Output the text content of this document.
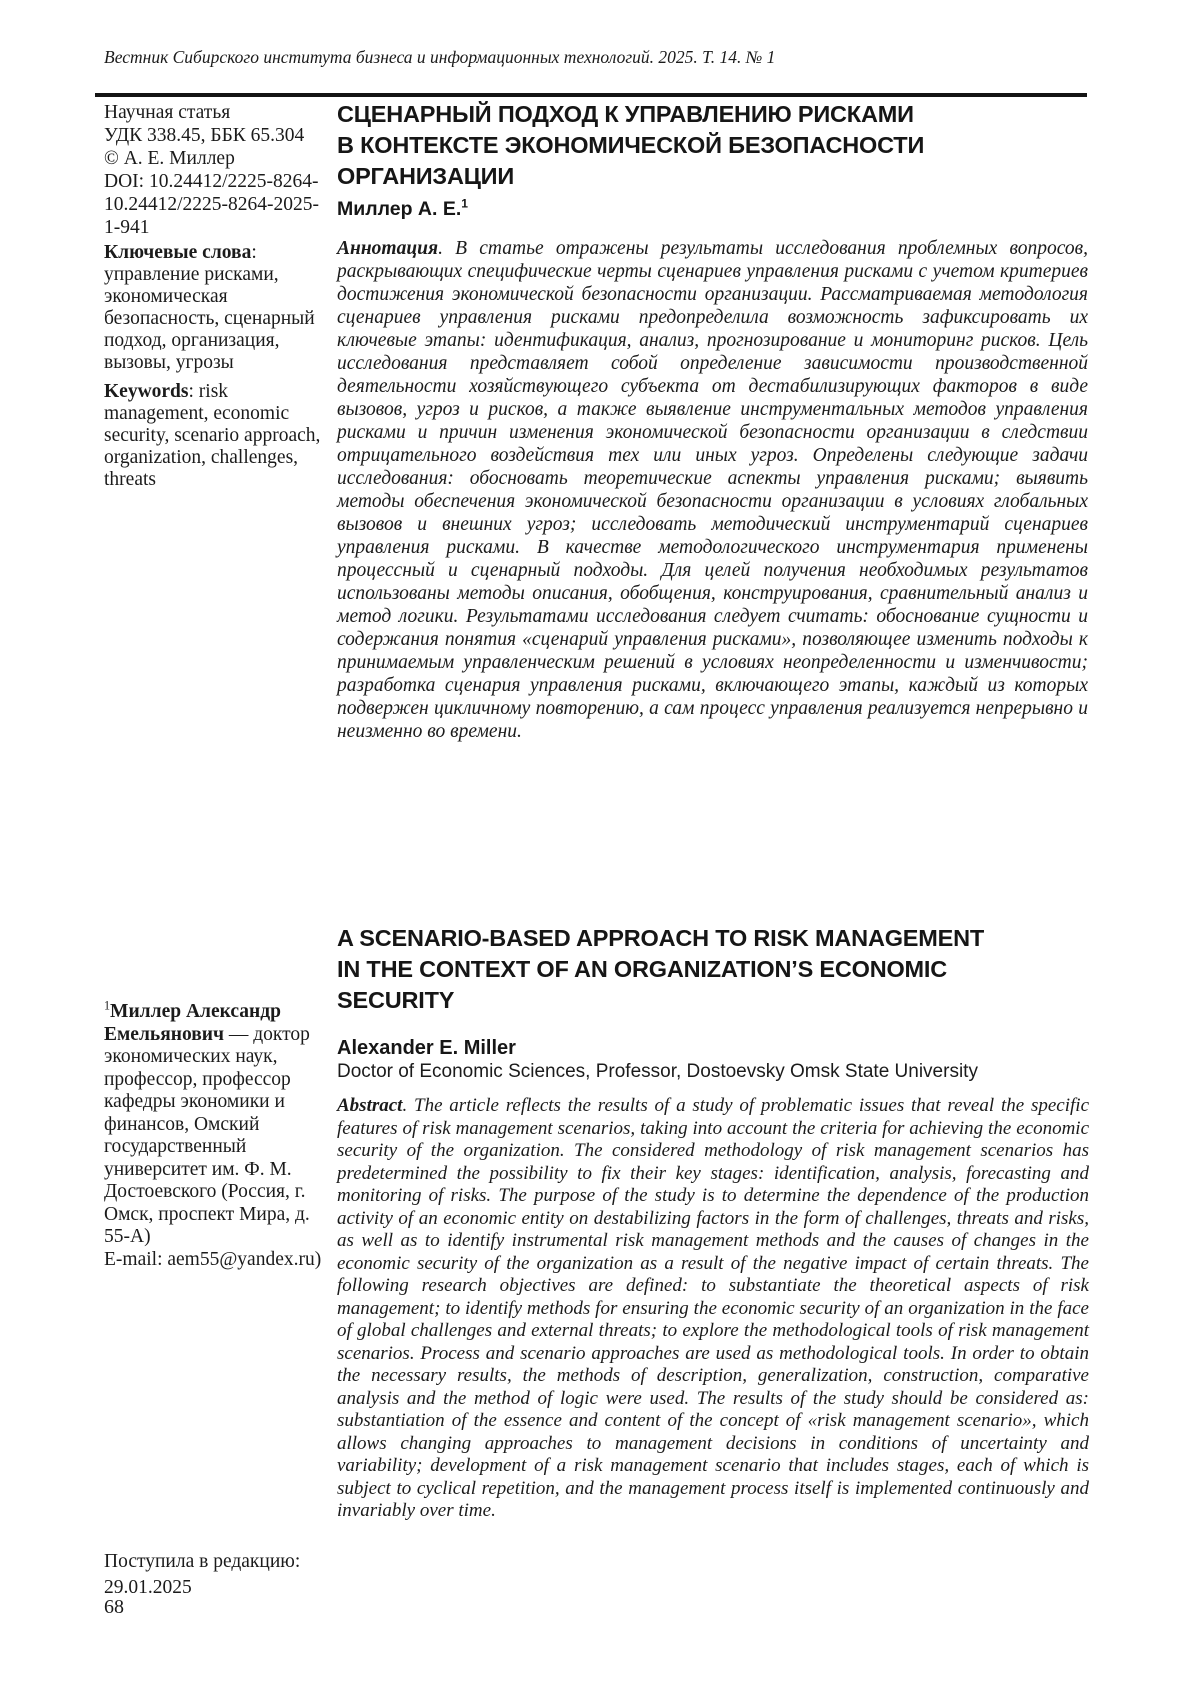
Вестник Сибирского института бизнеса и информационных технологий. 2025. Т. 14. № 1

Научная статья

УДК 338.45, ББК 65.304

© А. Е. Миллер

DOI: 10.24412/2225-8264-
10.24412/2225-8264-2025-
1-941

Ключевые слова: управление рисками, экономическая безопасность, сценарный подход, организация, вызовы, угрозы

Keywords: risk management, economic security, scenario approach, organization, challenges, threats

СЦЕНАРНЫЙ ПОДХОД К УПРАВЛЕНИЮ РИСКАМИ
В КОНТЕКСТЕ ЭКОНОМИЧЕСКОЙ БЕЗОПАСНОСТИ
ОРГАНИЗАЦИИ

Миллер А. Е.$^1$

Аннотация. В статье отражены результаты исследования проблемных вопросов, раскрывающих специфические черты сценариев управления рисками с учетом критериев достижения экономической безопасности организации. Рассматриваемая методология сценариев управления рисками предопределила возможность зафиксировать их ключевые этапы: идентификация, анализ, прогнозирование и мониторинг рисков. Цель исследования представляет собой определение зависимости производственной деятельности хозяйствующего субъекта от дестабилизирующих факторов в виде вызовов, угроз и рисков, а также выявление инструментальных методов управления рисками и причин изменения экономической безопасности организации в следствии отрицательного воздействия тех или иных угроз. Определены следующие задачи исследования: обосновать теоретические аспекты управления рисками; выявить методы обеспечения экономической безопасности организации в условиях глобальных вызовов и внешних угроз; исследовать методический инструментарий сценариев управления рисками. В качестве методологического инструментария применены процессный и сценарный подходы. Для целей получения необходимых результатов использованы методы описания, обобщения, конструирования, сравнительный анализ и метод логики. Результатами исследования следует считать: обоснование сущности и содержания понятия «сценарий управления рисками», позволяющее изменить подходы к принимаемым управленческим решений в условиях неопределенности и изменчивости; разработка сценария управления рисками, включающего этапы, каждый из которых подвержен цикличному повторению, а сам процесс управления реализуется непрерывно и неизменно во времени.
A SCENARIO-BASED APPROACH TO RISK MANAGEMENT
IN THE CONTEXT OF AN ORGANIZATION’S ECONOMIC
SECURITY

Alexander E. Miller

Doctor of Economic Sciences, Professor, Dostoevsky Omsk State University

Abstract. The article reflects the results of a study of problematic issues that reveal the specific features of risk management scenarios, taking into account the criteria for achieving the economic security of the organization. The considered methodology of risk management scenarios has predetermined the possibility to fix their key stages: identification, analysis, forecasting and monitoring of risks. The purpose of the study is to determine the dependence of the production activity of an economic entity on destabilizing factors in the form of challenges, threats and risks, as well as to identify instrumental risk management methods and the causes of changes in the economic security of the organization as a result of the negative impact of certain threats. The following research objectives are defined: to substantiate the theoretical aspects of risk management; to identify methods for ensuring the economic security of an organization in the face of global challenges and external threats; to explore the methodological tools of risk management scenarios. Process and scenario approaches are used as methodological tools. In order to obtain the necessary results, the methods of description, generalization, construction, comparative analysis and the method of logic were used. The results of the study should be considered as: substantiation of the essence and content of the concept of «risk management scenario», which allows changing approaches to management decisions in conditions of uncertainty and variability; development of a risk management scenario that includes stages, each of which is subject to cyclical repetition, and the management process itself is implemented continuously and invariably over time.

$^1$Миллер Александр Емельянович — доктор экономических наук, профессор, профессор кафедры экономики и финансов, Омский государственный университет им. Ф. М. Достоевского (Россия, г. Омск, проспект Мира, д. 55-А)

E-mail: aem55@yandex.ru)

Поступила в редакцию:
29.01.2025
68
